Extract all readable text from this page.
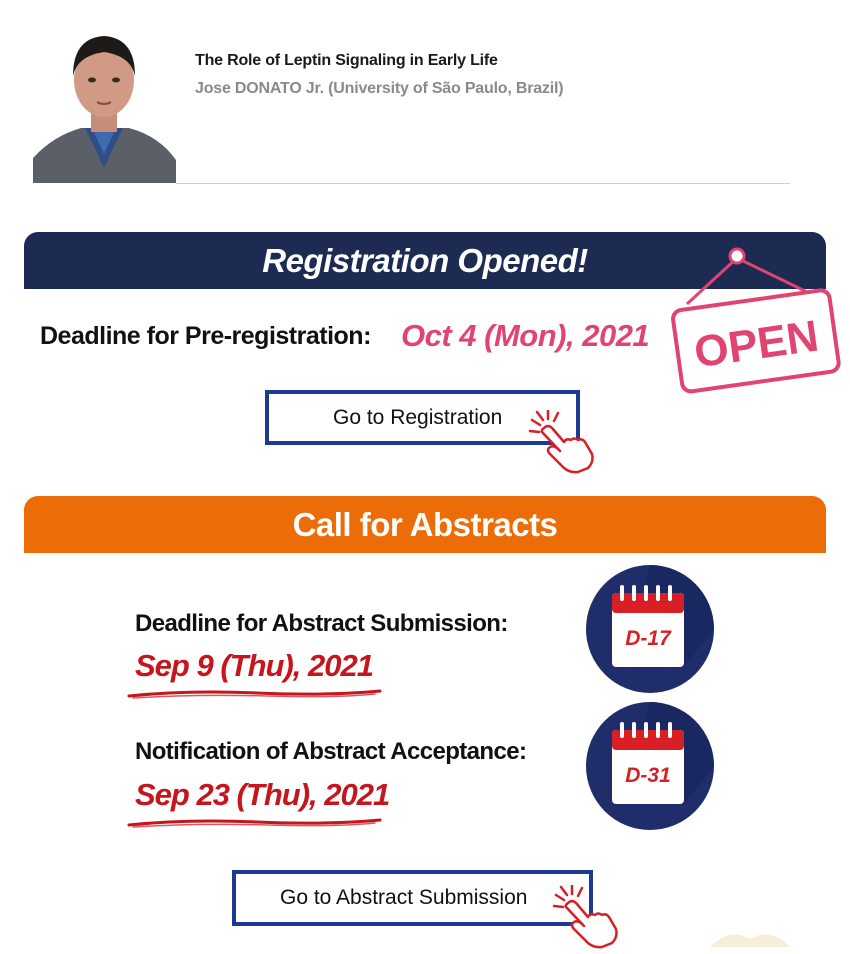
The Role of Leptin Signaling in Early Life
Jose DONATO Jr. (University of São Paulo, Brazil)
Registration Opened!
Deadline for Pre-registration: Oct 4 (Mon), 2021 OPEN
Go to Registration
Call for Abstracts
Deadline for Abstract Submission:
Sep 9 (Thu), 2021
Notification of Abstract Acceptance:
Sep 23 (Thu), 2021
D-17
D-31
Go to Abstract Submission
